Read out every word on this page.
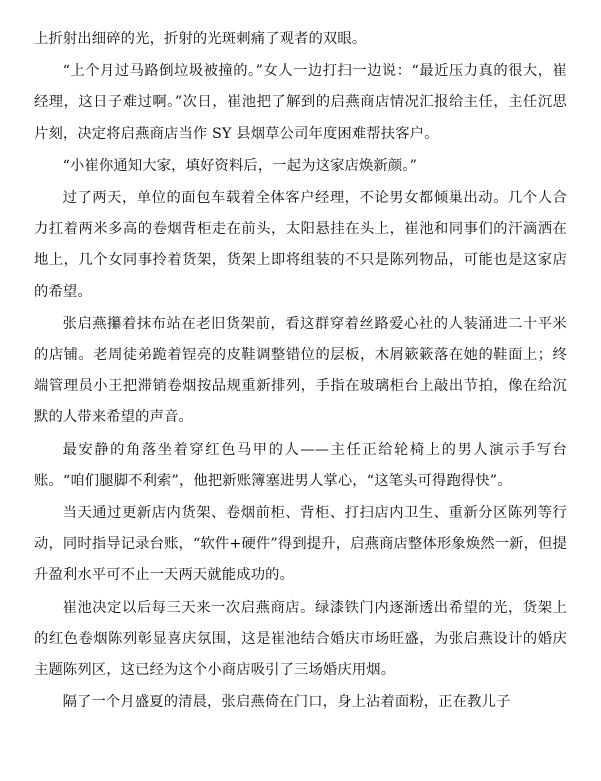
上折射出细碎的光，折射的光斑刺痛了观者的双眼。

“上个月过马路倒垃圾被撞的。”女人一边打扫一边说：“最近压力真的很大，崔经理，这日子难过啊。”次日，崔池把了解到的启燕商店情况汇报给主任，主任沉思片刻，决定将启燕商店当作 SY 县烟草公司年度困难帮扶客户。

“小崔你通知大家，填好资料后，一起为这家店焕新颜。”

过了两天，单位的面包车载着全体客户经理，不论男女都倾巢出动。几个人合力扛着两米多高的卷烟背柜走在前头，太阳悬挂在头上，崔池和同事们的汗滴洒在地上，几个女同事拎着货架，货架上即将组装的不只是陈列物品，可能也是这家店的希望。

张启燕攥着抹布站在老旧货架前，看这群穿着丝路爱心社的人装涌进二十平米的店铺。老周徒弟跪着锃亮的皮鞋调整错位的层板，木屑簌簌落在她的鞋面上；终端管理员小王把滞销卷烟按品规重新排列，手指在玻璃柜台上敲出节拍，像在给沉默的人带来希望的声音。

最安静的角落坐着穿红色马甲的人——主任正给轮椅上的男人演示手写台账。“咱们腿脚不利索”，他把新账簿塞进男人掌心，“这笔头可得跑得快”。

当天通过更新店内货架、卷烟前柜、背柜、打扫店内卫生、重新分区陈列等行动，同时指导记录台账，“软件+硬件”得到提升，启燕商店整体形象焕然一新，但提升盈利水平可不止一天两天就能成功的。

崔池决定以后每三天来一次启燕商店。绿漆铁门内逐渐透出希望的光，货架上的红色卷烟陈列彰显喜庆氛围，这是崔池结合婚庆市场旺盛，为张启燕设计的婚庆主题陈列区，这已经为这个小商店吸引了三场婚庆用烟。

隔了一个月盛夏的清晨，张启燕倚在门口，身上沾着面粉，正在教儿子
